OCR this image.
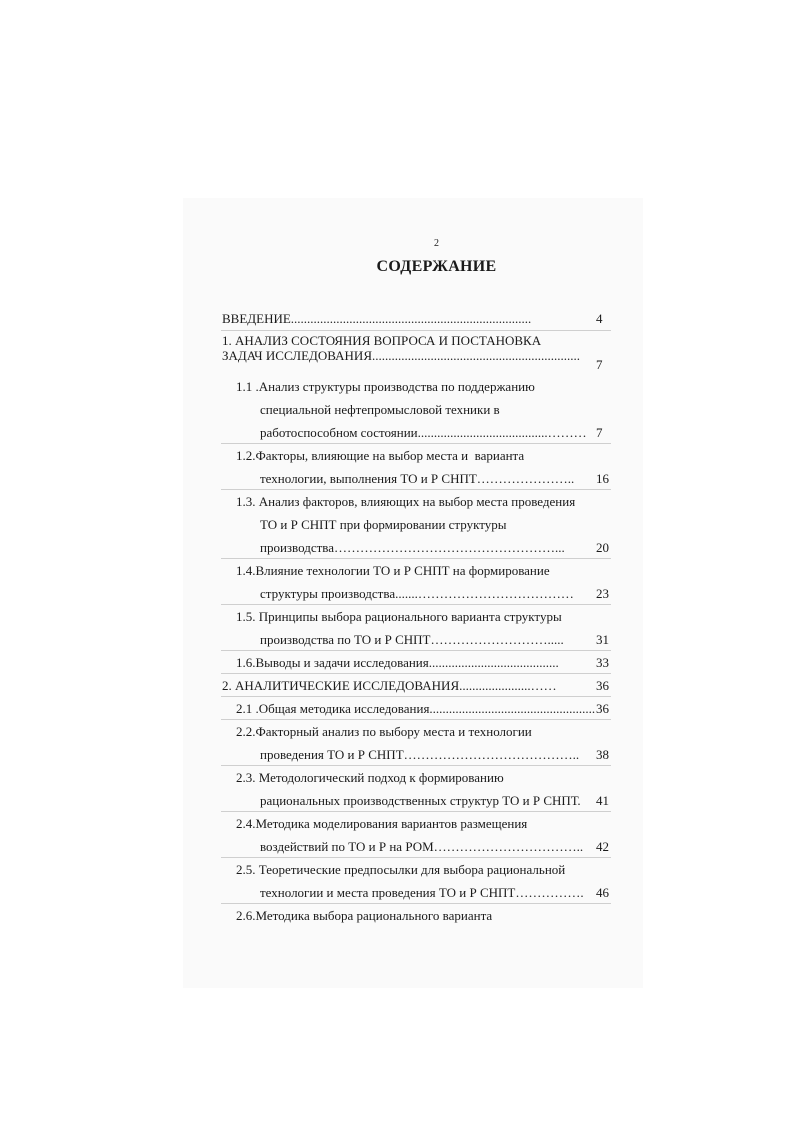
2
СОДЕРЖАНИЕ
ВВЕДЕНИЕ..........................................................................	4
1. АНАЛИЗ СОСТОЯНИЯ ВОПРОСА И ПОСТАНОВКА
ЗАДАЧ ИССЛЕДОВАНИЯ................................................................
7
1.1 .Анализ структуры производства по поддержанию
специальной нефтепромысловой техники в
работоспособном состоянии........................................……… 7
1.2.Факторы, влияющие на выбор места и  варианта
технологии, выполнения ТО и Р СНПТ………………….. 16
1.3. Анализ факторов, влияющих на выбор места проведения
ТО и Р СНПТ при формировании структуры
производства……………………………………………... 20
1.4.Влияние технологии ТО и Р СНПТ на формирование
структуры производства.......……………………………… 23
1.5. Принципы выбора рационального варианта структуры
производства по ТО и Р СНПТ………………………..... 31
1.6.Выводы и задачи исследования........................................	33
2. АНАЛИТИЧЕСКИЕ ИССЛЕДОВАНИЯ......................……	36
2.1 .Общая методика исследования................................................... 36
2.2.Факторный анализ по выбору места и технологии
проведения ТО и Р СНПТ………………………………….. 38
2.3. Методологический подход к формированию
рациональных производственных структур ТО и Р СНПТ. 41
2.4.Методика моделирования вариантов размещения
воздействий по ТО и Р на РОМ…………………………….. 42
2.5. Теоретические предпосылки для выбора рациональной
технологии и места проведения ТО и Р СНПТ……………. 46
2.6.Методика выбора рационального варианта
